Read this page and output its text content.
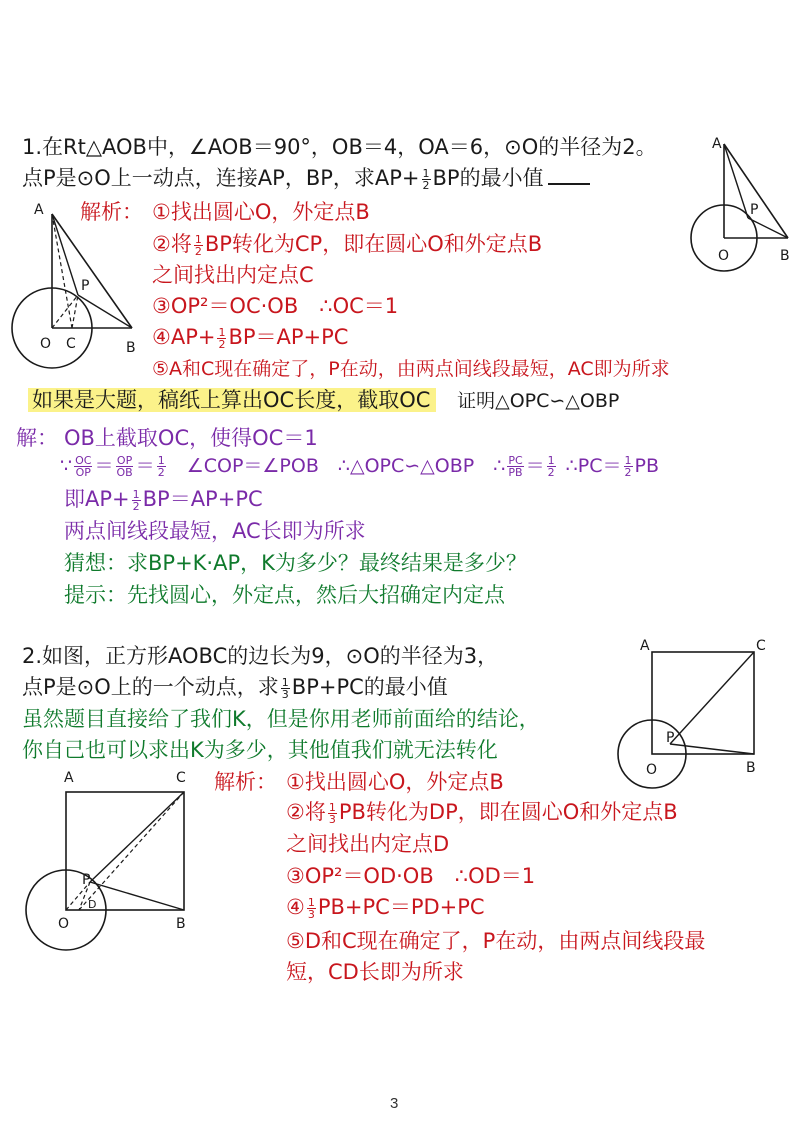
1.在Rt△AOB中，∠AOB＝90°，OB＝4，OA＝6，⊙O的半径为2。
点P是⊙O上一动点，连接AP，BP，求$AP+ \frac{1}{2}$ BP的最小值
解析： ①找出圆心O，外定点B
②将 $\frac{1}{2}$ BP转化为CP，即在圆心O和外定点B
之间找出内定点C
③OP²＝OC·OB　∴OC＝1
④AP+ $\frac{1}{2} BP=AP+PC$
⑤A和C现在确定了，P在动，由两点间线段最短，AC即为所求
如果是大题，稿纸上算出OC长度，截取OC 证明△OPC∽△OBP
解： OB上截取OC，使得OC＝1
∵ $\frac{OC}{OP} = \frac{OP}{OB} = \frac{1}{2}$ 　∠COP＝∠POB　∴△OPC∽△OBP　∴ $\frac{PC}{PB} = \frac{1}{2}$ ∴PC＝ $\frac{1}{2}$ PB
即$AP+ \frac{1}{2} BP=AP+PC$
两点间线段最短，AC长即为所求
猜想：求BP+K·AP，K为多少？最终结果是多少？
提示：先找圆心，外定点，然后大招确定内定点
A
P
O C	B
A
P
O	B
2.如图，正方形AOBC的边长为9，⊙O的半径为3，
点P是⊙O上的一个动点，求 $\frac{1}{3} BP+PC$的最小值
虽然题目直接给了我们K，但是你用老师前面给的结论，
你自己也可以求出K为多少，其他值我们就无法转化
解析： ①找出圆心O，外定点B
②将 $\frac{1}{3}$ PB转化为DP，即在圆心O和外定点B
之间找出内定点D
③OP²＝OD·OB　∴OD＝1
④ $\frac{1}{3} PB+PC=PD+PC$
⑤D和C现在确定了，P在动，由两点间线段最
短，CD长即为所求
A	C
P
O	B
A	C
P
D
O	B
3
